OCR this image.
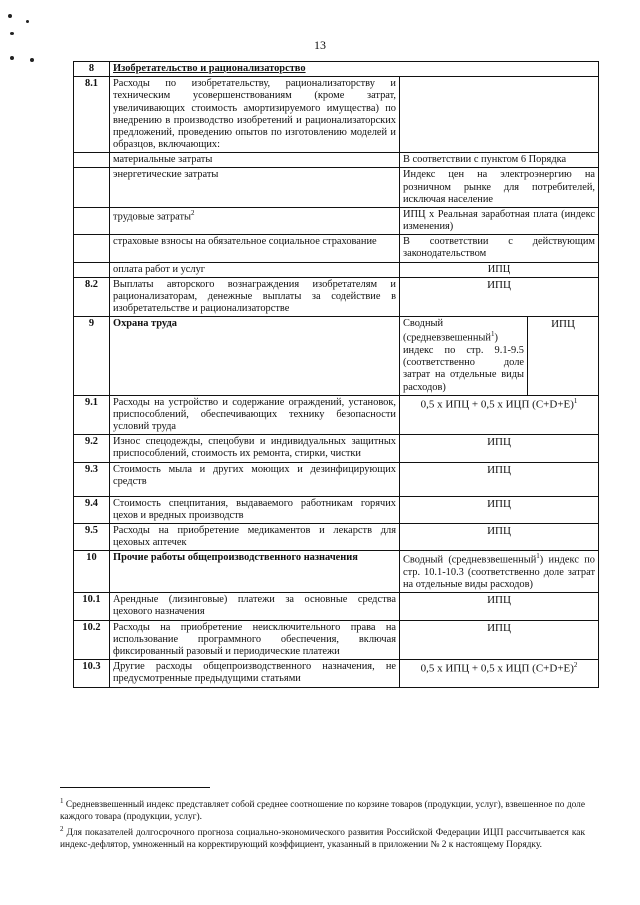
13
8	Изобретательство и рационализаторство		
8.1	Расходы по изобретательству, рационализаторству и техническим усовершенствованиям (кроме затрат, увеличивающих стоимость амортизируемого имущества) по внедрению в производство изобретений и рационализаторских предложений, проведению опытов по изготовлению моделей и образцов, включающих:		
	материальные затраты	В соответствии с пунктом 6 Порядка	
	энергетические затраты	Индекс цен на электроэнергию на розничном рынке для потребителей, исключая население	
	трудовые затраты$^2$	ИПЦ х Реальная заработная плата (индекс изменения)	
	страховые взносы на обязательное социальное страхование	В соответствии с действующим законодательством	
	оплата работ и услуг	ИПЦ	
8.2	Выплаты авторского вознаграждения изобретателям и рационализаторам, денежные выплаты за содействие в изобретательстве и рационализаторстве	ИПЦ	
9	Охрана труда	Сводный (средневзвешенный$^1$) индекс по стр. 9.1-9.5 (соответственно доле затрат на отдельные виды расходов)	ИПЦ
9.1	Расходы на устройство и содержание ограждений, установок, приспособлений, обеспечивающих технику безопасности условий труда	0,5 х ИПЦ + 0,5 х ИЦП $(С+D+Е)^1$
9.2	Износ спецодежды, спецобуви и индивидуальных защитных приспособлений, стоимость их ремонта, стирки, чистки	ИПЦ	
9.3	Стоимость мыла и других моющих и дезинфицирующих средств	ИПЦ	
9.4	Стоимость спецпитания, выдаваемого работникам горячих цехов и вредных производств	ИПЦ	
9.5	Расходы на приобретение медикаментов и лекарств для цеховых аптечек	ИПЦ	
10	Прочие работы общепроизводственного назначения	Сводный (средневзвешенный$^1$) индекс по стр. 10.1-10.3 (соответственно доле затрат на отдельные виды расходов)	
10.1	Арендные (лизинговые) платежи за основные средства цехового назначения	ИПЦ	
10.2	Расходы на приобретение неисключительного права на использование программного обеспечения, включая фиксированный разовый и периодические платежи	ИПЦ	
10.3	Другие расходы общепроизводственного назначения, не предусмотренные предыдущими статьями	0,5 х ИПЦ + 0,5 х ИЦП $(С+D+Е)^2$

$^1$ Средневзвешенный индекс представляет собой среднее соотношение по корзине товаров (продукции, услуг), взвешенное по доле каждого товара (продукции, услуг).

$^2$ Для показателей долгосрочного прогноза социально-экономического развития Российской Федерации ИЦП рассчитывается как индекс-дефлятор, умноженный на корректирующий коэффициент, указанный в приложении № 2 к настоящему Порядку.
